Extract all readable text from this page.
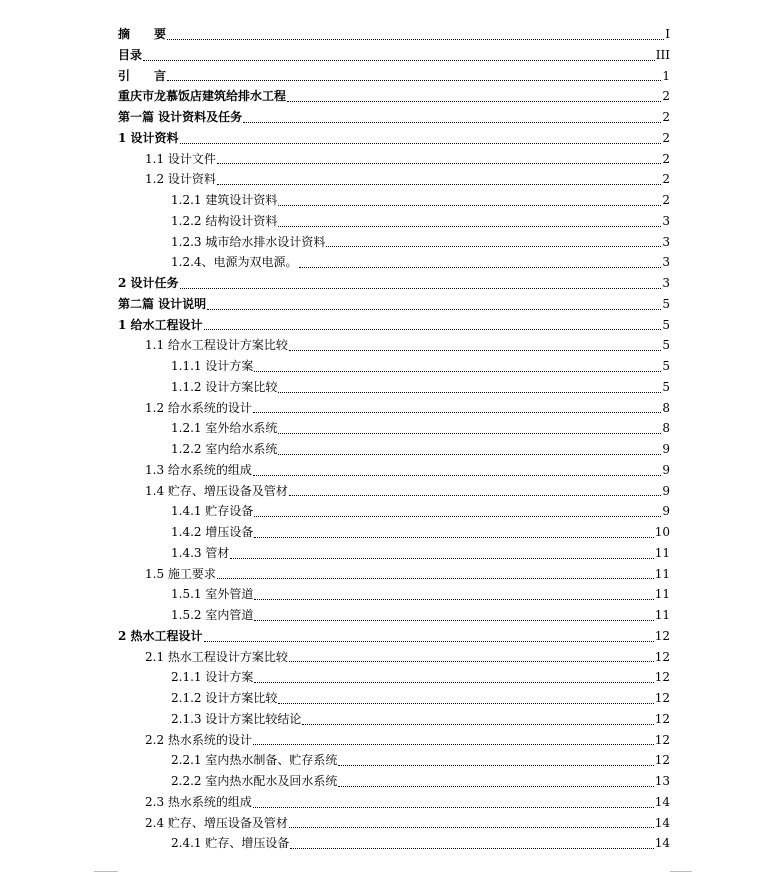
摘　　要	I
目录	III
引　　言	1
重庆市龙慕饭店建筑给排水工程	2
第一篇 设计资料及任务	2
1 设计资料	2
1.1 设计文件	2
1.2 设计资料	2
1.2.1 建筑设计资料	2
1.2.2 结构设计资料	3
1.2.3 城市给水排水设计资料	3
1.2.4、电源为双电源。	3
2 设计任务	3
第二篇 设计说明	5
1 给水工程设计	5
1.1 给水工程设计方案比较	5
1.1.1 设计方案	5
1.1.2 设计方案比较	5
1.2 给水系统的设计	8
1.2.1 室外给水系统	8
1.2.2 室内给水系统	9
1.3 给水系统的组成	9
1.4 贮存、增压设备及管材	9
1.4.1 贮存设备	9
1.4.2 增压设备	10
1.4.3 管材	11
1.5 施工要求	11
1.5.1 室外管道	11
1.5.2 室内管道	11
2 热水工程设计	12
2.1 热水工程设计方案比较	12
2.1.1 设计方案	12
2.1.2 设计方案比较	12
2.1.3 设计方案比较结论	12
2.2 热水系统的设计	12
2.2.1 室内热水制备、贮存系统	12
2.2.2 室内热水配水及回水系统	13
2.3 热水系统的组成	14
2.4 贮存、增压设备及管材	14
2.4.1 贮存、增压设备	14
